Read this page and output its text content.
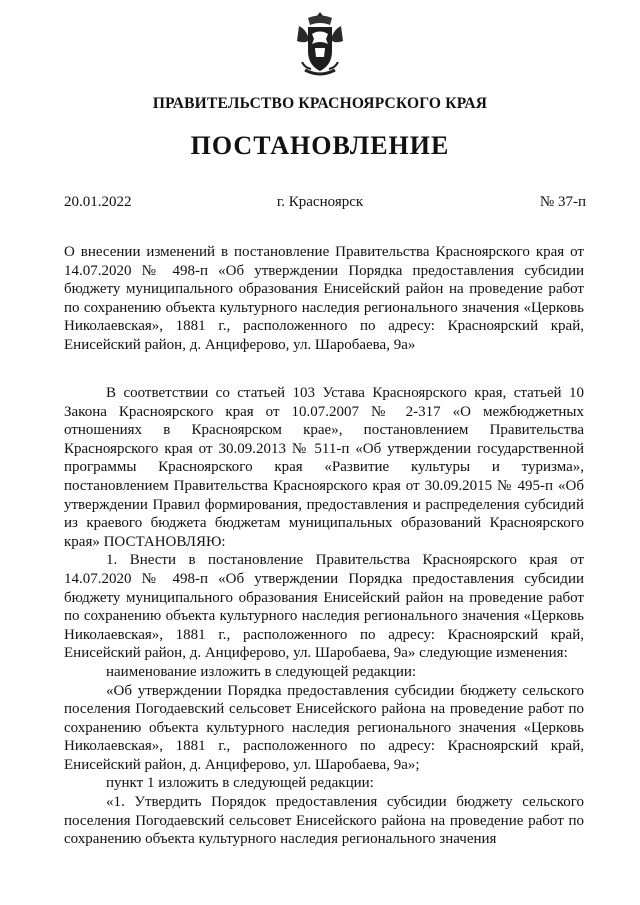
ПРАВИТЕЛЬСТВО КРАСНОЯРСКОГО КРАЯ
ПОСТАНОВЛЕНИЕ
20.01.2022	г. Красноярск	№ 37-п

О внесении изменений в постановление Правительства Красноярского края от 14.07.2020 № 498-п «Об утверждении Порядка предоставления субсидии бюджету муниципального образования Енисейский район на проведение работ по сохранению объекта культурного наследия регионального значения «Церковь Николаевская», 1881 г., расположенного по адресу: Красноярский край, Енисейский район, д. Анциферово, ул. Шаробаева, 9а»

В соответствии со статьей 103 Устава Красноярского края, статьей 10 Закона Красноярского края от 10.07.2007 № 2-317 «О межбюджетных отношениях в Красноярском крае», постановлением Правительства Красноярского края от 30.09.2013 № 511-п «Об утверждении государственной программы Красноярского края «Развитие культуры и туризма», постановлением Правительства Красноярского края от 30.09.2015 № 495-п «Об утверждении Правил формирования, предоставления и распределения субсидий из краевого бюджета бюджетам муниципальных образований Красноярского края» ПОСТАНОВЛЯЮ:

1. Внести в постановление Правительства Красноярского края от 14.07.2020 № 498-п «Об утверждении Порядка предоставления субсидии бюджету муниципального образования Енисейский район на проведение работ по сохранению объекта культурного наследия регионального значения «Церковь Николаевская», 1881 г., расположенного по адресу: Красноярский край, Енисейский район, д. Анциферово, ул. Шаробаева, 9а» следующие изменения:

наименование изложить в следующей редакции:

«Об утверждении Порядка предоставления субсидии бюджету сельского поселения Погодаевский сельсовет Енисейского района на проведение работ по сохранению объекта культурного наследия регионального значения «Церковь Николаевская», 1881 г., расположенного по адресу: Красноярский край, Енисейский район, д. Анциферово, ул. Шаробаева, 9а»;

пункт 1 изложить в следующей редакции:

«1. Утвердить Порядок предоставления субсидии бюджету сельского поселения Погодаевский сельсовет Енисейского района на проведение работ по сохранению объекта культурного наследия регионального значения
